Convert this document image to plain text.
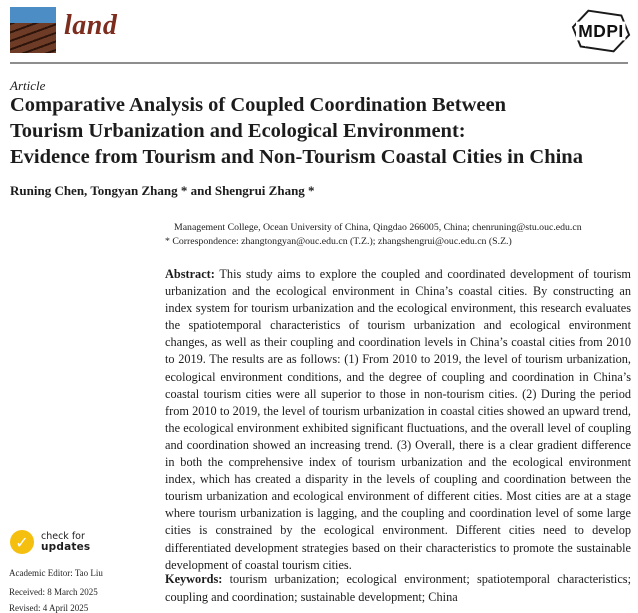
land	MDPI
Article
Comparative Analysis of Coupled Coordination Between
Tourism Urbanization and Ecological Environment:
Evidence from Tourism and Non-Tourism Coastal Cities in China
Runing Chen, Tongyan Zhang * and Shengrui Zhang *
Management College, Ocean University of China, Qingdao 266005, China; chenruning@stu.ouc.edu.cn
* Correspondence: zhangtongyan@ouc.edu.cn (T.Z.); zhangshengrui@ouc.edu.cn (S.Z.)
Abstract: This study aims to explore the coupled and coordinated development of tourism urbanization and the ecological environment in China’s coastal cities. By constructing an index system for tourism urbanization and the ecological environment, this research evaluates the spatiotemporal characteristics of tourism urbanization and ecological environment changes, as well as their coupling and coordination levels in China’s coastal cities from 2010 to 2019. The results are as follows: (1) From 2010 to 2019, the level of tourism urbanization, ecological environment conditions, and the degree of coupling and coordination in China’s coastal tourism cities were all superior to those in non-tourism cities. (2) During the period from 2010 to 2019, the level of tourism urbanization in coastal cities showed an upward trend, the ecological environment exhibited significant fluctuations, and the overall level of coupling and coordination showed an increasing trend. (3) Overall, there is a clear gradient difference in both the comprehensive index of tourism urbanization and the ecological environment index, which has created a disparity in the levels of coupling and coordination between the tourism urbanization and ecological environment of different cities. Most cities are at a stage where tourism urbanization is lagging, and the coupling and coordination level of some large cities is constrained by the ecological environment. Different cities need to develop differentiated development strategies based on their characteristics to promote the sustainable development of coastal tourism cities.
Keywords: tourism urbanization; ecological environment; spatiotemporal characteristics; coupling and coordination; sustainable development; China
✓	check for
updates
Academic Editor: Tao Liu
Received: 8 March 2025
Revised: 4 April 2025
